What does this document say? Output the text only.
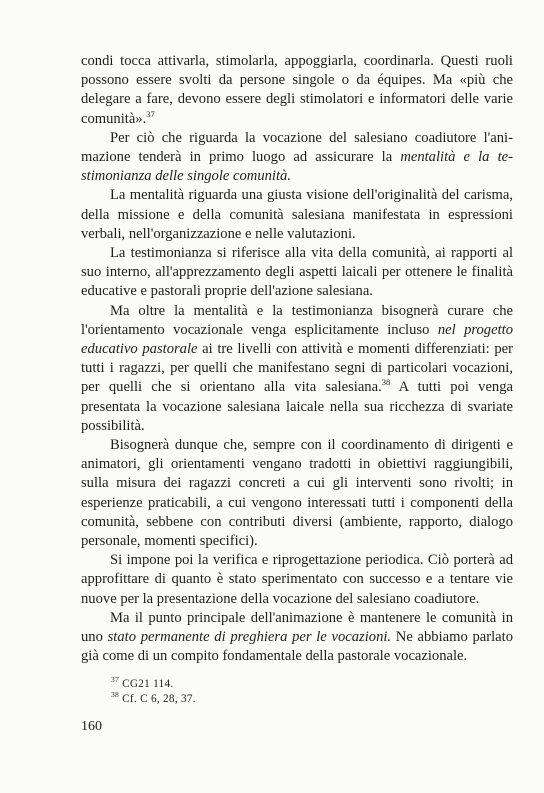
condi tocca attivarla, stimolarla, appoggiarla, coordinarla. Questi ruoli possono essere svolti da persone singole o da équipes. Ma «più che delegare a fare, devono essere degli stimolatori e informatori delle varie comunità».$^{37}$

Per ciò che riguarda la vocazione del salesiano coadiutore l'animazione tenderà in primo luogo ad assicurare la mentalità e la testimonianza delle singole comunità.

La mentalità riguarda una giusta visione dell'originalità del carisma, della missione e della comunità salesiana manifestata in espressioni verbali, nell'organizzazione e nelle valutazioni.

La testimonianza si riferisce alla vita della comunità, ai rapporti al suo interno, all'apprezzamento degli aspetti laicali per ottenere le finalità educative e pastorali proprie dell'azione salesiana.

Ma oltre la mentalità e la testimonianza bisognerà curare che l'orientamento vocazionale venga esplicitamente incluso nel progetto educativo pastorale ai tre livelli con attività e momenti differenziati: per tutti i ragazzi, per quelli che manifestano segni di particolari vocazioni, per quelli che si orientano alla vita salesiana.$^{38}$ A tutti poi venga presentata la vocazione salesiana laicale nella sua ricchezza di svariate possibilità.

Bisognerà dunque che, sempre con il coordinamento di dirigenti e animatori, gli orientamenti vengano tradotti in obiettivi raggiungibili, sulla misura dei ragazzi concreti a cui gli interventi sono rivolti; in esperienze praticabili, a cui vengono interessati tutti i componenti della comunità, sebbene con contributi diversi (ambiente, rapporto, dialogo personale, momenti specifici).

Si impone poi la verifica e riprogettazione periodica. Ciò porterà ad approfittare di quanto è stato sperimentato con successo e a tentare vie nuove per la presentazione della vocazione del salesiano coadiutore.

Ma il punto principale dell'animazione è mantenere le comunità in uno stato permanente di preghiera per le vocazioni. Ne abbiamo parlato già come di un compito fondamentale della pastorale vocazionale.

$^{37}$ CG21 114.

$^{38}$ Cf. C 6, 28, 37.

160
